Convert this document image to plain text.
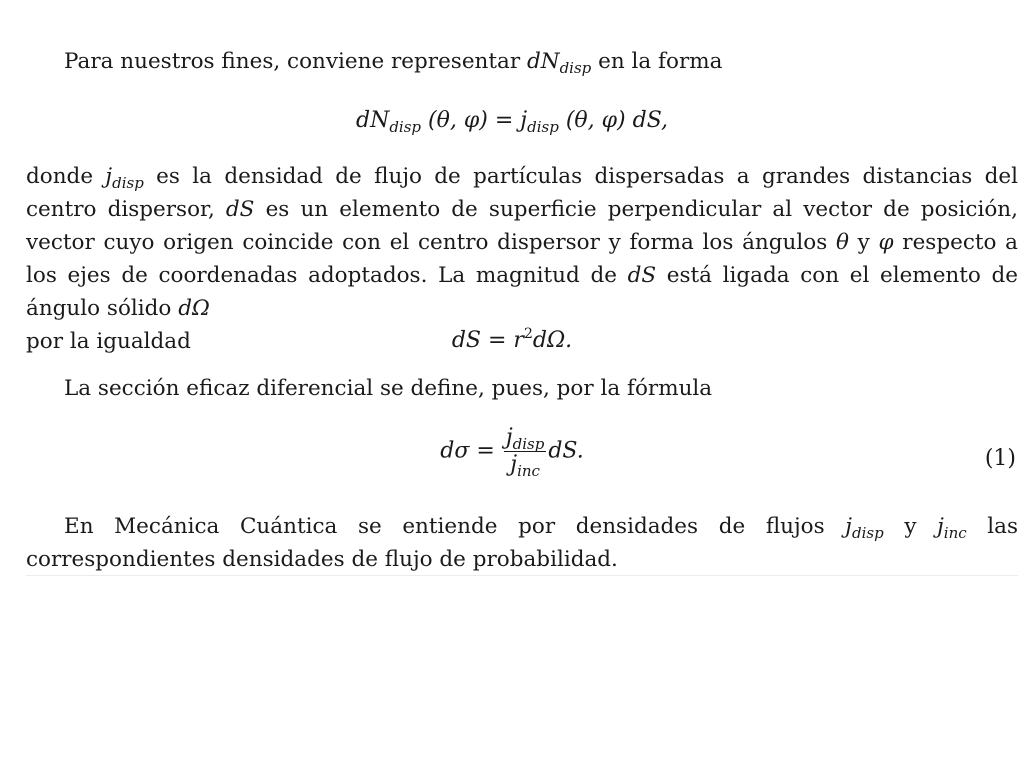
Para nuestros fines, conviene representar $dN_{disp}$ en la forma

$dN_{disp}$ (θ, $\varphi) = j_{disp}$ (θ, φ) dS,

donde $j_{disp}$ es la densidad de flujo de partículas dispersadas a grandes distancias del centro dispersor, dS es un elemento de superficie perpendicular al vector de posición, vector cuyo origen coincide con el centro dispersor y forma los ángulos θ y φ respecto a los ejes de coordenadas adoptados. La magnitud de dS está ligada con el elemento de ángulo sólido dΩ
por la igualdad	dS = $r^2d\Omega$.

La sección eficaz diferencial se define, pues, por la fórmula

$d\sigma = \frac{j_{disp}}{j_{inc}}$ dS.	(1)

En Mecánica Cuántica se entiende por densidades de flujos $j_{disp}$ y $j_{inc}$ las correspondientes densidades de flujo de probabilidad.
